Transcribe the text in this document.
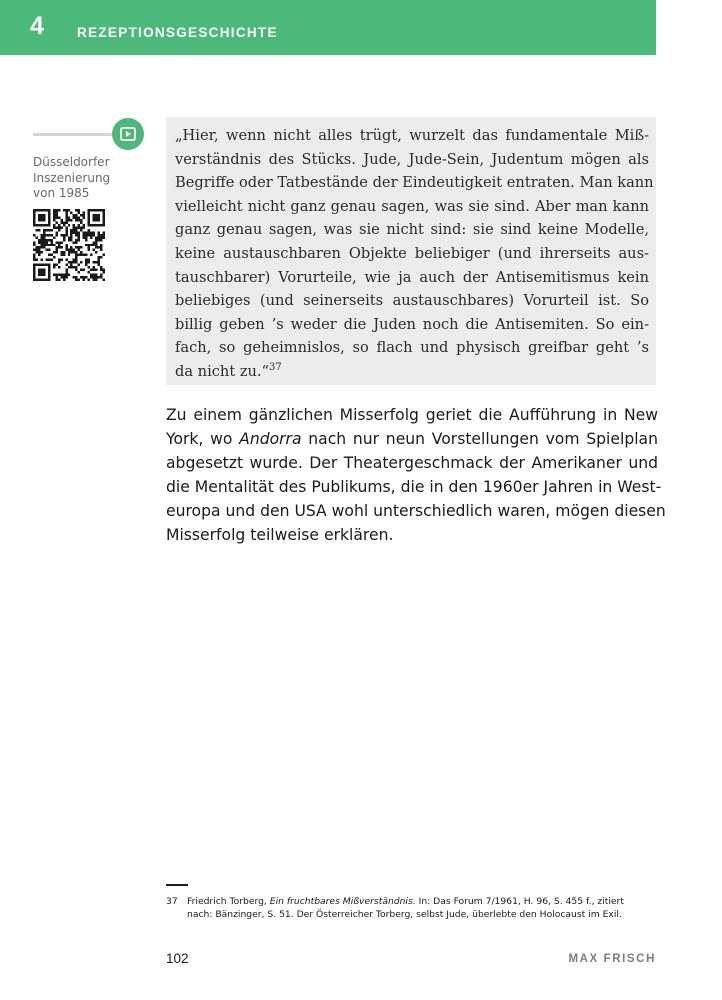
4 REZEPTIONSGESCHICHTE
Düsseldorfer
Inszenierung
von 1985
„Hier, wenn nicht alles trügt, wurzelt das fundamentale Miß-
verständnis des Stücks. Jude, Jude-Sein, Judentum mögen als
Begriffe oder Tatbestände der Eindeutigkeit entraten. Man kann
vielleicht nicht ganz genau sagen, was sie sind. Aber man kann
ganz genau sagen, was sie nicht sind: sie sind keine Modelle,
keine austauschbaren Objekte beliebiger (und ihrerseits aus-
tauschbarer) Vorurteile, wie ja auch der Antisemitismus kein
beliebiges (und seinerseits austauschbares) Vorurteil ist. So
billig geben ’s weder die Juden noch die Antisemiten. So ein-
fach, so geheimnislos, so flach und physisch greifbar geht ’s
da nicht zu.“$^{37}$
Zu einem gänzlichen Misserfolg geriet die Aufführung in New
York, wo Andorra nach nur neun Vorstellungen vom Spielplan
abgesetzt wurde. Der Theatergeschmack der Amerikaner und
die Mentalität des Publikums, die in den 1960er Jahren in West-
europa und den USA wohl unterschiedlich waren, mögen diesen
Misserfolg teilweise erklären.
37 Friedrich Torberg, Ein fruchtbares Mißverständnis. In: Das Forum 7/1961, H. 96, S. 455 f., zitiert
nach: Bänzinger, S. 51. Der Österreicher Torberg, selbst Jude, überlebte den Holocaust im Exil.
102	MAX FRISCH
